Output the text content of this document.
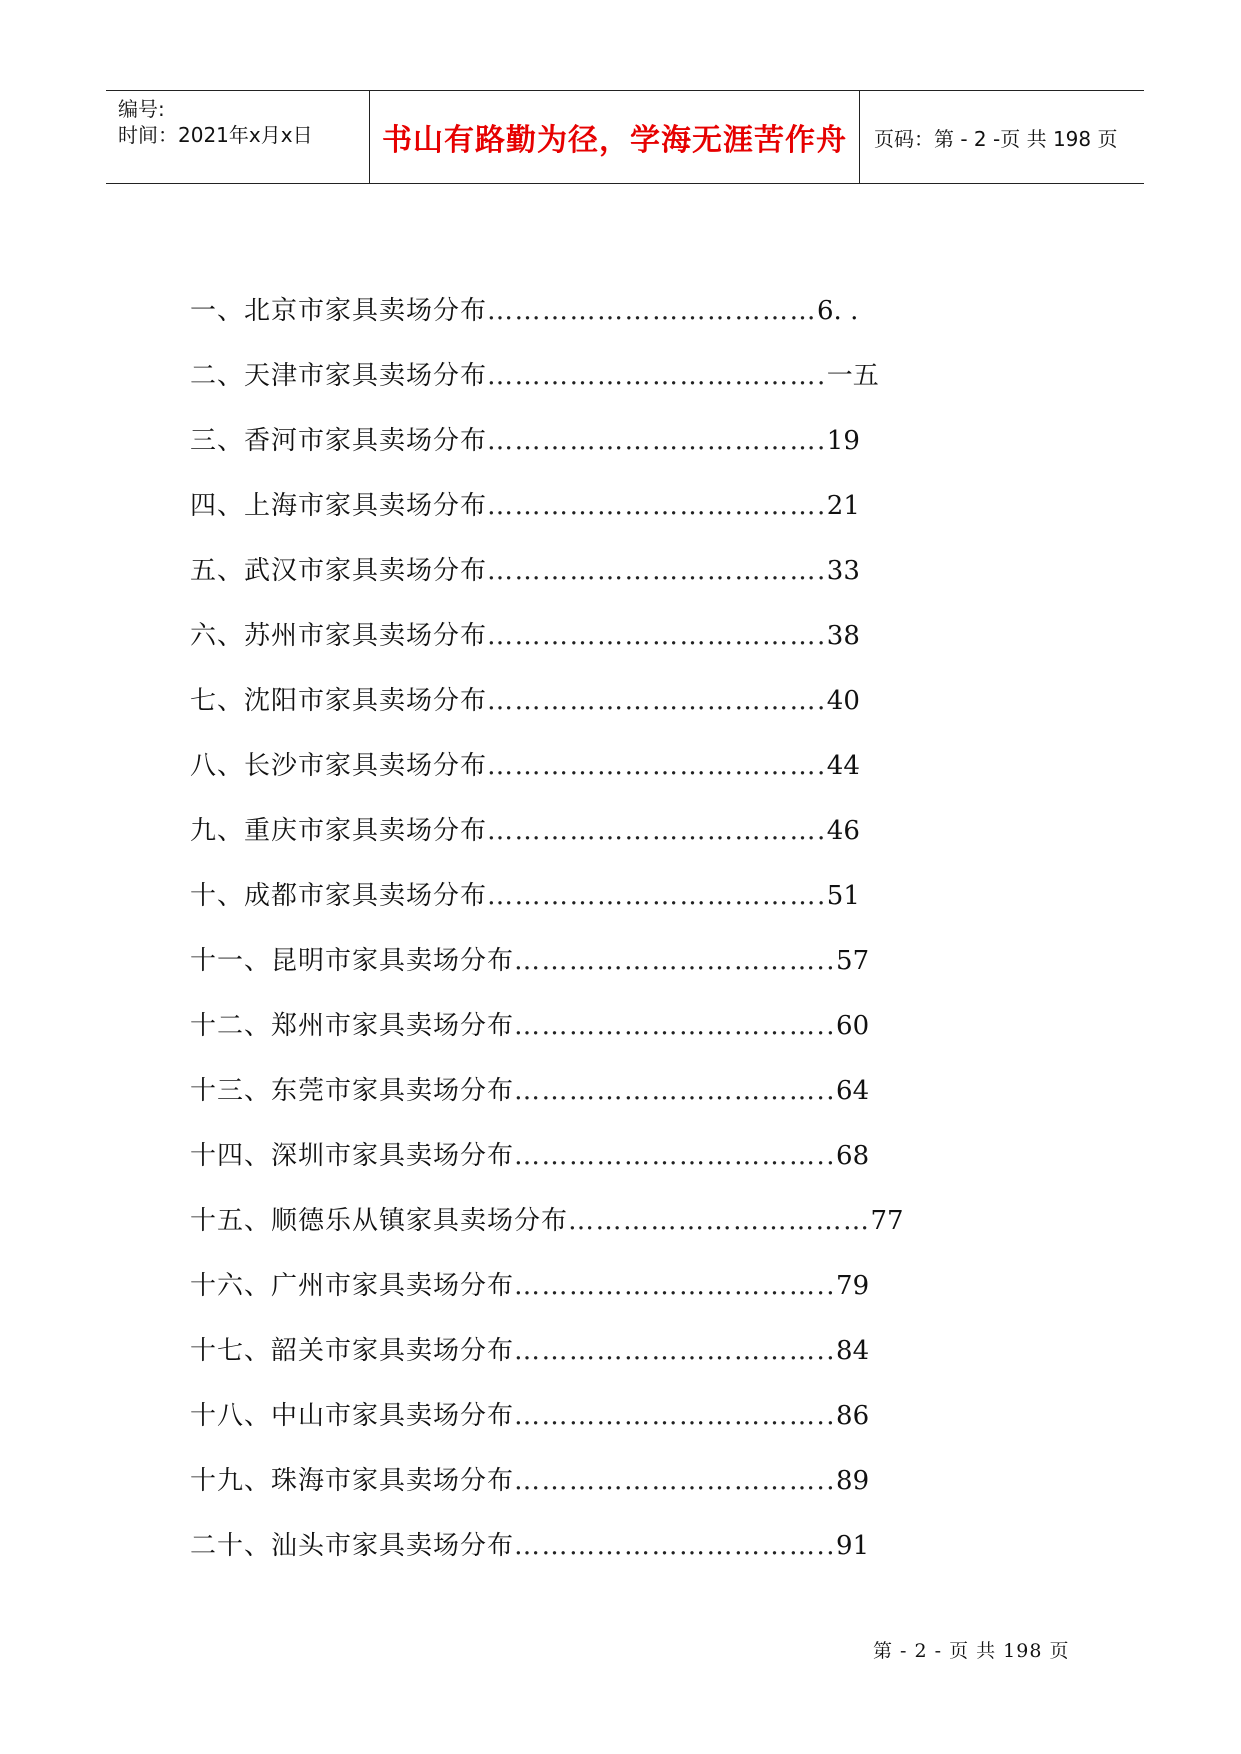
编号:
时间：2021年x月x日 书山有路勤为径，学海无涯苦作舟 页码：第 - 2 -页 共 198 页
一、北京市家具卖场分布 ……………………………… 6. .
二、天津市家具卖场分布 ………………………………. 一五
三、香河市家具卖场分布 ………………………………. 19
四、上海市家具卖场分布 ………………………………. 21
五、武汉市家具卖场分布 ………………………………. 33
六、苏州市家具卖场分布 ………………………………. 38
七、沈阳市家具卖场分布 ………………………………. 40
八、长沙市家具卖场分布 ………………………………. 44
九、重庆市家具卖场分布 ………………………………. 46
十、成都市家具卖场分布 ………………………………. 51
十一、昆明市家具卖场分布 …………………………….. 57
十二、郑州市家具卖场分布 …………………………….. 60
十三、东莞市家具卖场分布 …………………………….. 64
十四、深圳市家具卖场分布 …………………………….. 68
十五、顺德乐从镇家具卖场分布 …………………………… 77
十六、广州市家具卖场分布 …………………………….. 79
十七、韶关市家具卖场分布 …………………………….. 84
十八、中山市家具卖场分布 …………………………….. 86
十九、珠海市家具卖场分布 …………………………….. 89
二十、汕头市家具卖场分布 …………………………….. 91
第 - 2 - 页 共 198 页
